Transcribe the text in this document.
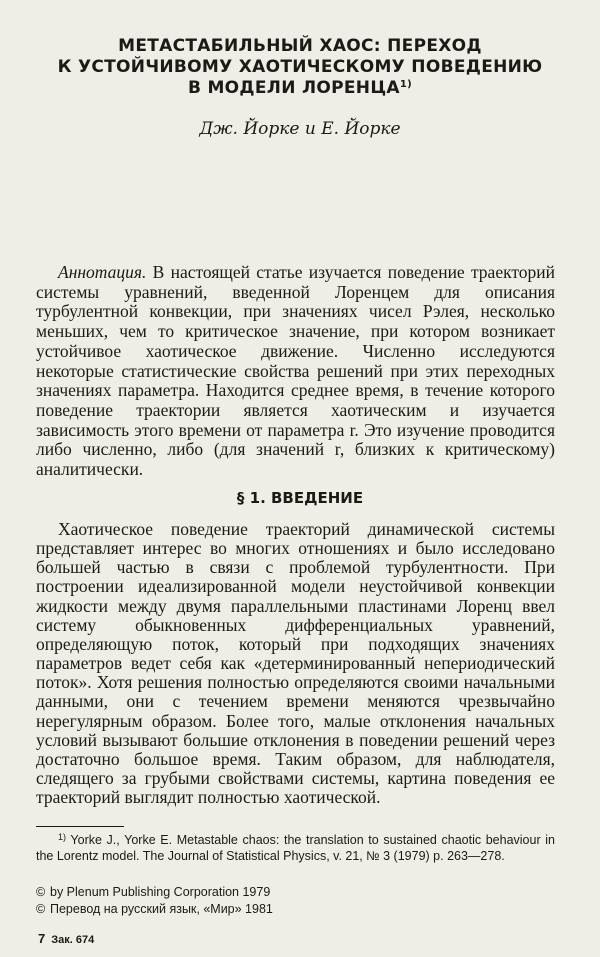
МЕТАСТАБИЛЬНЫЙ ХАОС: ПЕРЕХОД
К УСТОЙЧИВОМУ ХАОТИЧЕСКОМУ ПОВЕДЕНИЮ
В МОДЕЛИ ЛОРЕНЦА$^{1)}$
Дж. Йорке и Е. Йорке
Аннотация. В настоящей статье изучается поведение траекторий системы уравнений, введенной Лоренцем для описания турбулентной конвекции, при значениях чисел Рэлея, несколько меньших, чем то критическое значение, при котором возникает устойчивое хаотическое движение. Численно исследуются некоторые статистические свойства решений при этих переходных значениях параметра. Находится среднее время, в течение которого поведение траектории является хаотическим и изучается зависимость этого времени от параметра r. Это изучение проводится либо численно, либо (для значений r, близких к критическому) аналитически.
§ 1. ВВЕДЕНИЕ
Хаотическое поведение траекторий динамической системы представляет интерес во многих отношениях и было исследовано большей частью в связи с проблемой турбулентности. При построении идеализированной модели неустойчивой конвекции жидкости между двумя параллельными пластинами Лоренц ввел систему обыкновенных дифференциальных уравнений, определяющую поток, который при подходящих значениях параметров ведет себя как «детерминированный непериодический поток». Хотя решения полностью определяются своими начальными данными, они с течением времени меняются чрезвычайно нерегулярным образом. Более того, малые отклонения начальных условий вызывают большие отклонения в поведении решений через достаточно большое время. Таким образом, для наблюдателя, следящего за грубыми свойствами системы, картина поведения ее траекторий выглядит полностью хаотической.
$^{1)}$ Yorke J., Yorke E. Metastable chaos: the translation to sustained chaotic behaviour in the Lorentz model. The Journal of Statistical Physics, v. 21, № 3 (1979) p. 263—278.
© by Plenum Publishing Corporation 1979
© Перевод на русский язык, «Мир» 1981
7 Зак. 674
